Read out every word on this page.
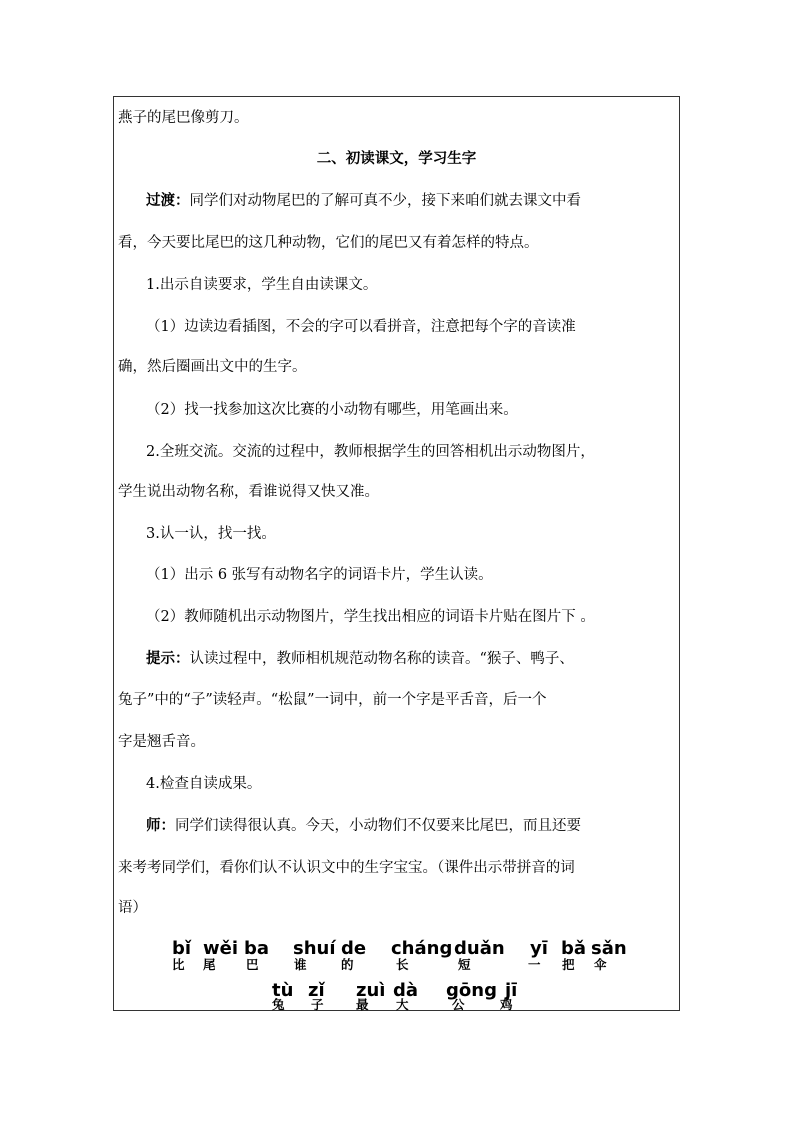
燕子的尾巴像剪刀。
二、初读课文，学习生字
过渡：同学们对动物尾巴的了解可真不少，接下来咱们就去课文中看
看，今天要比尾巴的这几种动物，它们的尾巴又有着怎样的特点。
1.出示自读要求，学生自由读课文。
（1）边读边看插图，不会的字可以看拼音，注意把每个字的音读准
确，然后圈画出文中的生字。
（2）找一找参加这次比赛的小动物有哪些，用笔画出来。
2.全班交流。交流的过程中，教师根据学生的回答相机出示动物图片，
学生说出动物名称，看谁说得又快又准。
3.认一认，找一找。
（1）出示 6 张写有动物名字的词语卡片，学生认读。
（2）教师随机出示动物图片，学生找出相应的词语卡片贴在图片下 。
提示：认读过程中，教师相机规范动物名称的读音。“猴子、鸭子、
兔子”中的“子”读轻声。“松鼠”一词中，前一个字是平舌音，后一个
字是翘舌音。
4.检查自读成果。
师：同学们读得很认真。今天，小动物们不仅要来比尾巴，而且还要
来考考同学们，看你们认不认识文中的生字宝宝。（课件出示带拼音的词
语）
bǐ wěi ba shuí de cháng duǎn yī bǎ sǎn
比 尾 巴	谁	的	长	短	一 把 伞
tù zǐ zuì dà gōng jī
兔 子	最 大	公	鸡
